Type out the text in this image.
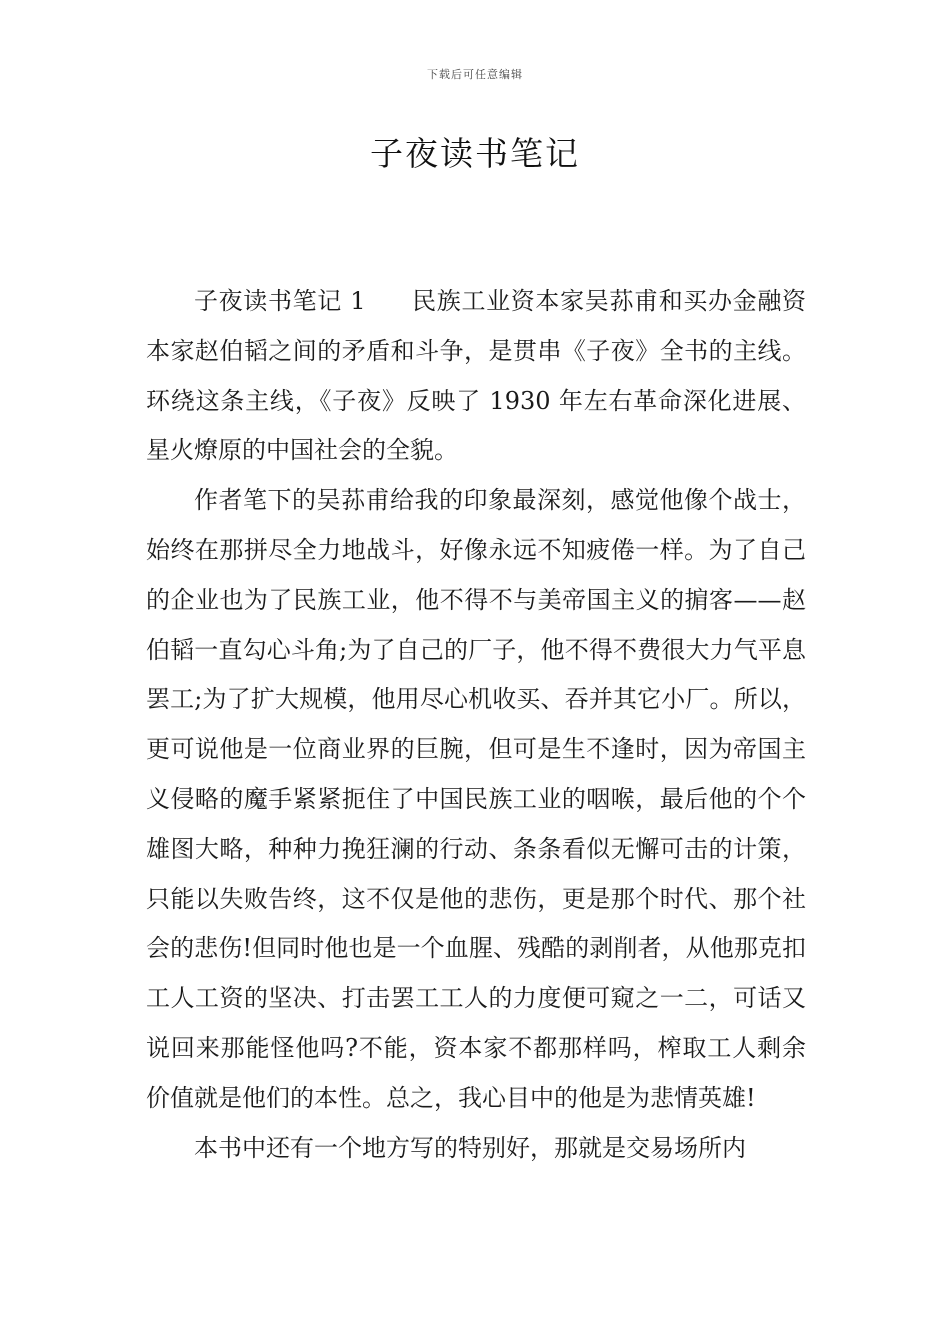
下载后可任意编辑
子夜读书笔记

子夜读书笔记 1 民族工业资本家吴荪甫和买办金融资本家赵伯韬之间的矛盾和斗争，是贯串《子夜》全书的主线。环绕这条主线，《子夜》反映了 1930 年左右革命深化进展、星火燎原的中国社会的全貌。

作者笔下的吴荪甫给我的印象最深刻，感觉他像个战士，始终在那拼尽全力地战斗，好像永远不知疲倦一样。为了自己的企业也为了民族工业，他不得不与美帝国主义的掮客——赵伯韬一直勾心斗角;为了自己的厂子，他不得不费很大力气平息罢工;为了扩大规模，他用尽心机收买、吞并其它小厂。所以，更可说他是一位商业界的巨腕，但可是生不逢时，因为帝国主义侵略的魔手紧紧扼住了中国民族工业的咽喉，最后他的个个雄图大略，种种力挽狂澜的行动、条条看似无懈可击的计策，只能以失败告终，这不仅是他的悲伤，更是那个时代、那个社会的悲伤!但同时他也是一个血腥、残酷的剥削者，从他那克扣工人工资的坚决、打击罢工工人的力度便可窥之一二，可话又说回来那能怪他吗?不能，资本家不都那样吗，榨取工人剩余价值就是他们的本性。总之，我心目中的他是为悲情英雄!

本书中还有一个地方写的特别好，那就是交易场所内
